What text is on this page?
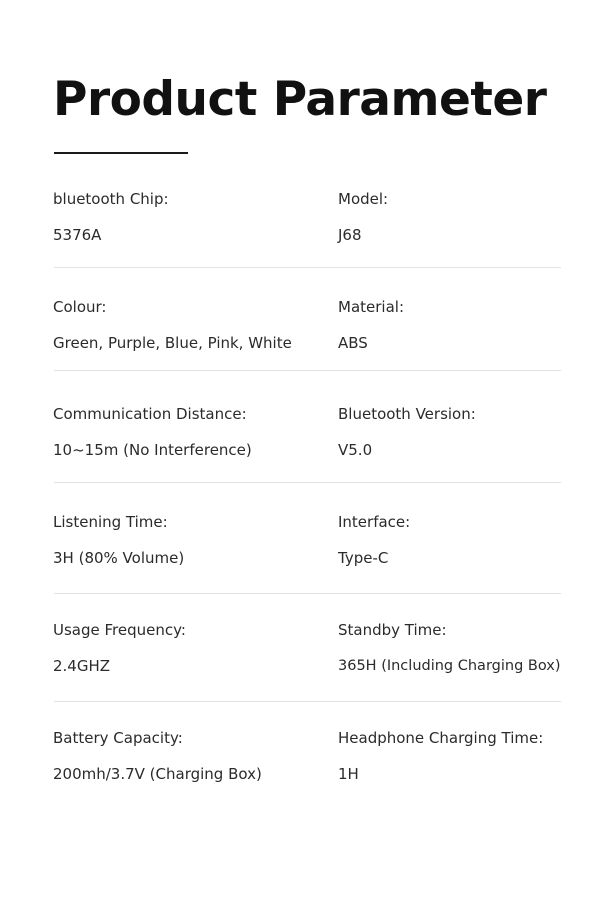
Product Parameter
bluetooth Chip:
5376A
Model:
J68
Colour:
Green, Purple, Blue, Pink, White
Material:
ABS
Communication Distance:
10~15m (No Interference)
Bluetooth Version:
V5.0
Listening Time:
3H (80% Volume)
Interface:
Type-C
Usage Frequency:
2.4GHZ
Standby Time:
365H (Including Charging Box)
Battery Capacity:
200mh/3.7V (Charging Box)
Headphone Charging Time:
1H
